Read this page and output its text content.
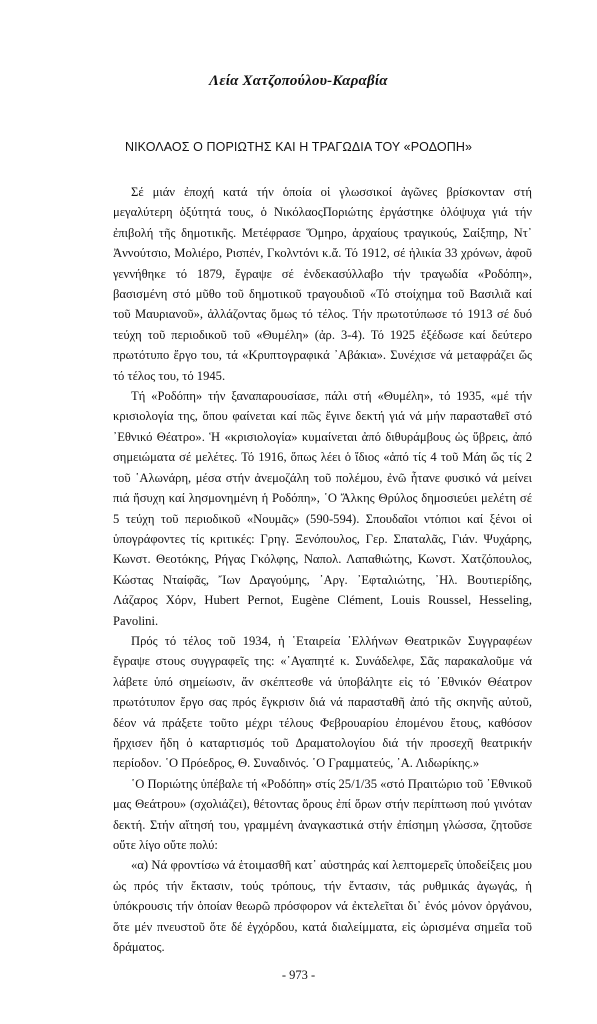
Λεία Χατζοπούλου-Καραβία
ΝΙΚΟΛΑΟΣ Ο ΠΟΡΙΩΤΗΣ ΚΑΙ Η ΤΡΑΓΩΔΙΑ ΤΟΥ «ΡΟΔΟΠΗ»

Σέ μιάν ἐποχή κατά τήν ὁποία οἱ γλωσσικοί ἀγῶνες βρίσκονταν στή μεγαλύτερη ὀξύτητά τους, ὁ ΝικόλαοςΠοριώτης ἐργάστηκε ὁλόψυχα γιά τήν ἐπιβολή τῆς δημοτικῆς. Μετέφρασε Ὅμηρο, ἀρχαίους τραγικούς, Σαίξπηρ, Ντ᾽ Ἀννούτσιο, Μολιέρο, Ρισπέν, Γκολντόνι κ.ἄ. Τό 1912, σέ ἡλικία 33 χρόνων, ἀφοῦ γεννήθηκε τό 1879, ἔγραψε σέ ἐνδεκασύλλαβο τήν τραγωδία «Ροδόπη», βασισμένη στό μῦθο τοῦ δημοτικοῦ τραγουδιοῦ «Τό στοίχημα τοῦ Βασιλιᾶ καί τοῦ Μαυριανοῦ», ἀλλάζοντας ὅμως τό τέλος. Τήν πρωτοτύπωσε τό 1913 σέ δυό τεύχη τοῦ περιοδικοῦ τοῦ «Θυμέλη» (ἀρ. 3-4). Τό 1925 ἐξέδωσε καί δεύτερο πρωτότυπο ἔργο του, τά «Κρυπτογραφικά ᾽Αβάκια». Συνέχισε νά μεταφράζει ὥς τό τέλος του, τό 1945.

Τή «Ροδόπη» τήν ξαναπαρουσίασε, πάλι στή «Θυμέλη», τό 1935, «μέ τήν κρισιολογία της, ὅπου φαίνεται καί πῶς ἔγινε δεκτή γιά νά μήν παρασταθεῖ στό ᾽Εθνικό Θέατρο». Ἡ «κρισιολογία» κυμαίνεται ἀπό διθυράμβους ὡς ὕβρεις, ἀπό σημειώματα σέ μελέτες. Τό 1916, ὅπως λέει ὁ ἴδιος «ἀπό τίς 4 τοῦ Μάη ὥς τίς 2 τοῦ ῾Αλωνάρη, μέσα στήν ἀνεμοζάλη τοῦ πολέμου, ἐνῶ ἦτανε φυσικό νά μείνει πιά ἥσυχη καί λησμονημένη ἡ Ροδόπη», ῾Ο Ἄλκης Θρύλος δημοσιεύει μελέτη σέ 5 τεύχη τοῦ περιοδικοῦ «Νουμᾶς» (590-594). Σπουδαῖοι ντόπιοι καί ξένοι οἱ ὑπογράφοντες τίς κριτικές: Γρηγ. Ξενόπουλος, Γερ. Σπαταλᾶς, Γιάν. Ψυχάρης, Κωνστ. Θεοτόκης, Ρήγας Γκόλφης, Ναπολ. Λαπαθιώτης, Κωνστ. Χατζόπουλος, Κώστας Νταίφᾶς, Ἴων Δραγούμης, ᾽Αργ. ᾽Εφταλιώτης, ᾽Ηλ. Βουτιερίδης, Λάζαρος Χόρν, Hubert Pernot, Eugène Clément, Louis Roussel, Hesseling, Pavolini.

Πρός τό τέλος τοῦ 1934, ἡ ῾Εταιρεία ῾Ελλήνων Θεατρικῶν Συγγραφέων ἔγραψε στους συγγραφεῖς της: «᾽Αγαπητέ κ. Συνάδελφε, Σᾶς παρακαλοῦμε νά λάβετε ὑπό σημείωσιν, ἄν σκέπτεσθε νά ὑποβάλητε εἰς τό ᾽Εθνικόν Θέατρον πρωτότυπον ἔργο σας πρός ἔγκρισιν διά νά παρασταθῆ ἀπό τῆς σκηνῆς αὐτοῦ, δέον νά πράξετε τοῦτο μέχρι τέλους Φεβρουαρίου ἐπομένου ἔτους, καθόσον ἤρχισεν ἤδη ὁ καταρτισμός τοῦ Δραματολογίου διά τήν προσεχῆ θεατρικήν περίοδον. ῾Ο Πρόεδρος, Θ. Συναδινός. ῾Ο Γραμματεύς, ᾽Α. Λιδωρίκης.»

῾Ο Ποριώτης ὑπέβαλε τή «Ροδόπη» στίς 25/1/35 «στό Πραιτώριο τοῦ ᾽Εθνικοῦ μας Θεάτρου» (σχολιάζει), θέτοντας ὅρους ἐπί ὅρων στήν περίπτωση πού γινόταν δεκτή. Στήν αἴτησή του, γραμμένη ἀναγκαστικά στήν ἐπίσημη γλώσσα, ζητοῦσε οὔτε λίγο οὔτε πολύ:

«α) Νά φροντίσω νά ἑτοιμασθῆ κατ᾽ αὐστηράς καί λεπτομερεῖς ὑποδείξεις μου ὡς πρός τήν ἔκτασιν, τούς τρόπους, τήν ἔντασιν, τάς ρυθμικάς ἀγωγάς, ἡ ὑπόκρουσις τήν ὁποίαν θεωρῶ πρόσφορον νά ἐκτελεῖται δι᾽ ἑνός μόνον ὀργάνου, ὅτε μέν πνευστοῦ ὅτε δέ ἐγχόρδου, κατά διαλείμματα, εἰς ὡρισμένα σημεῖα τοῦ δράματος.

- 973 -
